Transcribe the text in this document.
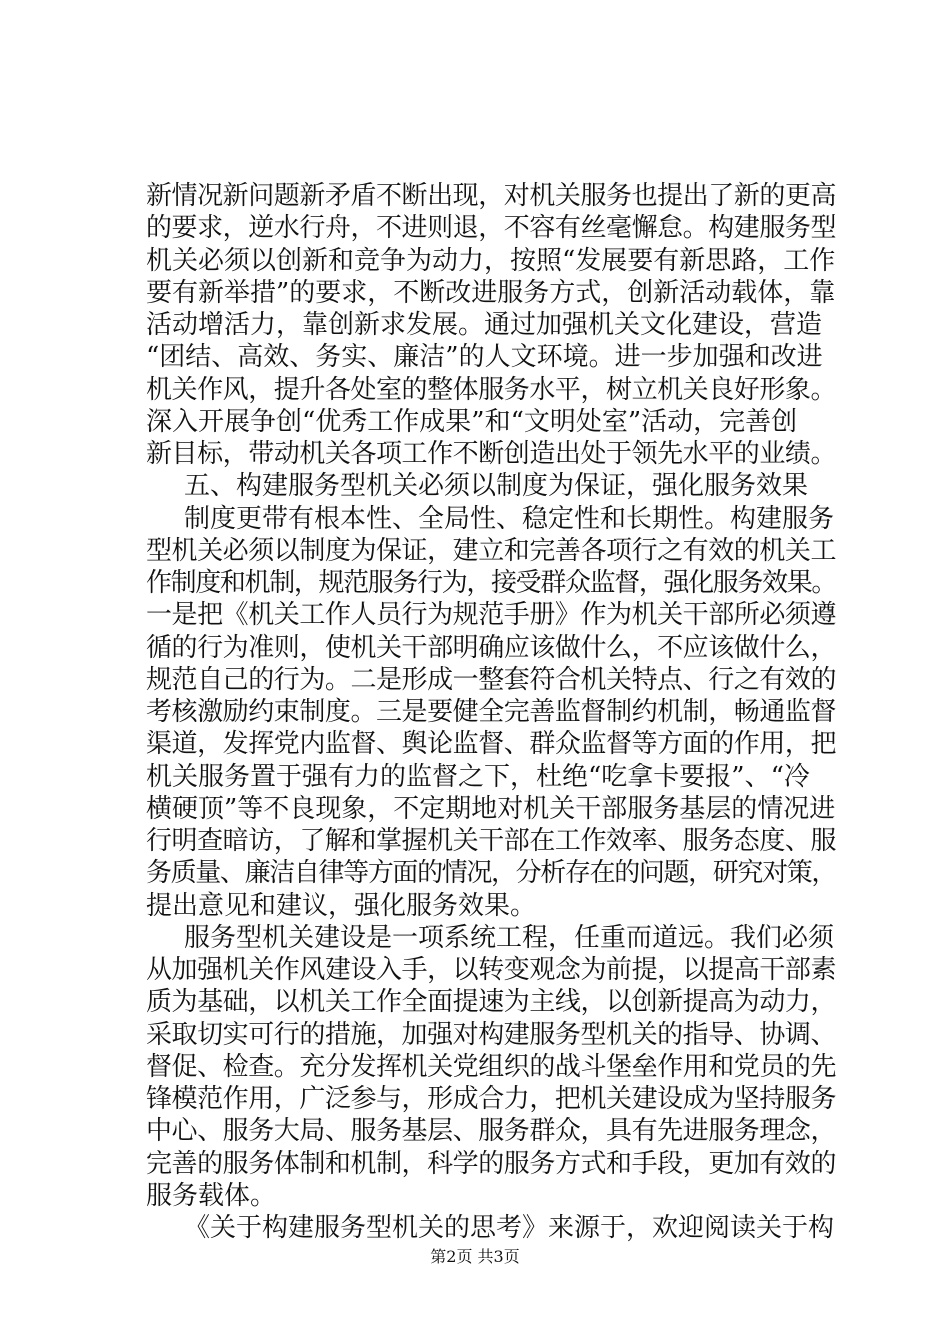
新情况新问题新矛盾不断出现，对机关服务也提出了新的更高
的要求，逆水行舟，不进则退，不容有丝毫懈怠。构建服务型
机关必须以创新和竞争为动力，按照“发展要有新思路，工作
要有新举措”的要求，不断改进服务方式，创新活动载体，靠
活动增活力，靠创新求发展。通过加强机关文化建设，营造
“团结、高效、务实、廉洁”的人文环境。进一步加强和改进
机关作风，提升各处室的整体服务水平，树立机关良好形象。
深入开展争创“优秀工作成果”和“文明处室”活动，完善创
新目标，带动机关各项工作不断创造出处于领先水平的业绩。
五、构建服务型机关必须以制度为保证，强化服务效果
制度更带有根本性、全局性、稳定性和长期性。构建服务
型机关必须以制度为保证，建立和完善各项行之有效的机关工
作制度和机制，规范服务行为，接受群众监督，强化服务效果。
一是把《机关工作人员行为规范手册》作为机关干部所必须遵
循的行为准则，使机关干部明确应该做什么，不应该做什么，
规范自己的行为。二是形成一整套符合机关特点、行之有效的
考核激励约束制度。三是要健全完善监督制约机制，畅通监督
渠道，发挥党内监督、舆论监督、群众监督等方面的作用，把
机关服务置于强有力的监督之下，杜绝“吃拿卡要报”、“冷
横硬顶”等不良现象，不定期地对机关干部服务基层的情况进
行明查暗访，了解和掌握机关干部在工作效率、服务态度、服
务质量、廉洁自律等方面的情况，分析存在的问题，研究对策，
提出意见和建议，强化服务效果。
服务型机关建设是一项系统工程，任重而道远。我们必须
从加强机关作风建设入手，以转变观念为前提，以提高干部素
质为基础，以机关工作全面提速为主线，以创新提高为动力，
采取切实可行的措施，加强对构建服务型机关的指导、协调、
督促、检查。充分发挥机关党组织的战斗堡垒作用和党员的先
锋模范作用，广泛参与，形成合力，把机关建设成为坚持服务
中心、服务大局、服务基层、服务群众，具有先进服务理念，
完善的服务体制和机制，科学的服务方式和手段，更加有效的
服务载体。
《关于构建服务型机关的思考》来源于，欢迎阅读关于构
第2页 共3页
